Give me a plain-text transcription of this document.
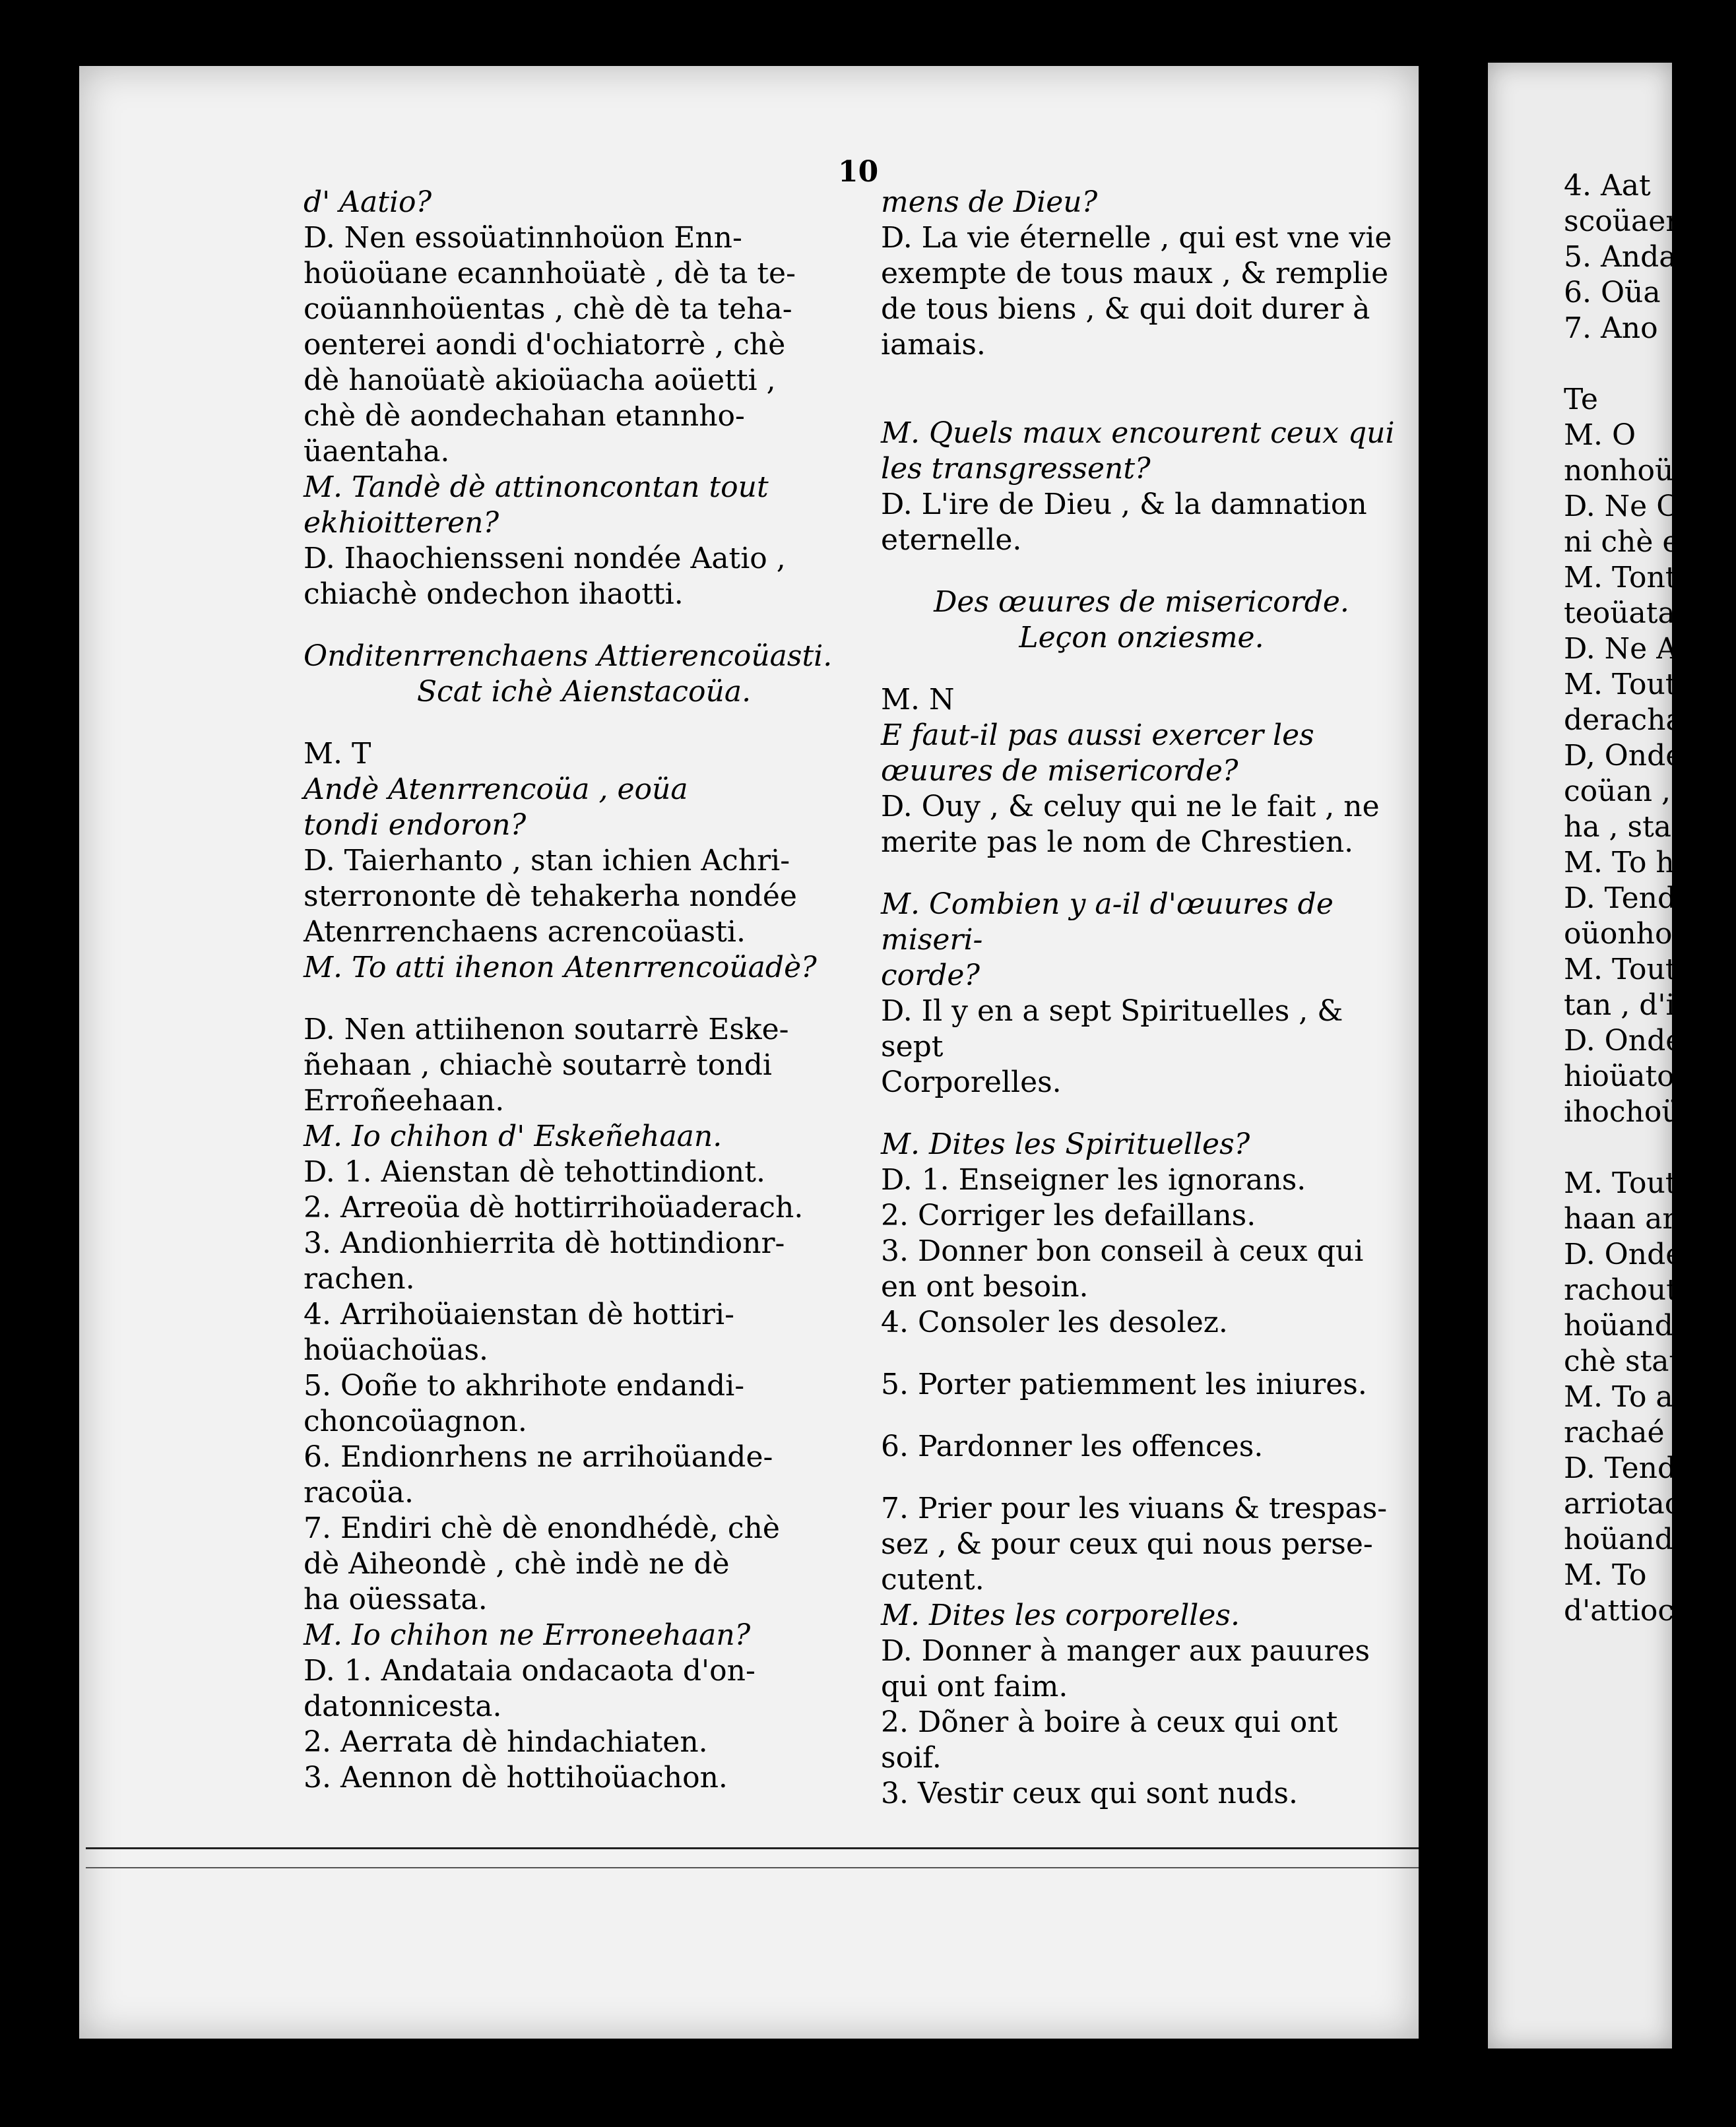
10

d' Aatio?

D. Nen essoüatinnhoüon Enn-

hoüoüane ecannhoüatè , dè ta te-

coüannhoüentas , chè dè ta teha-

oenterei aondi d'ochiatorrè , chè

dè hanoüatè akioüacha aoüetti ,

chè dè aondechahan etannho-

üaentaha.

M. Tandè dè attinoncontan tout

ekhioitteren?

D. Ihaochiensseni nondée Aatio ,

chiachè ondechon ihaotti.

Onditenrrenchaens Attierencoüasti.

Scat ichè Aienstacoüa.

M. T

Andè Atenrrencoüa , eoüa

tondi endoron?

D. Taierhanto , stan ichien Achri-

sterrononte dè tehakerha nondée

Atenrrenchaens acrencoüasti.

M. To atti ihenon Atenrrencoüadè?

D. Nen attiihenon soutarrè Eske-

ñehaan , chiachè soutarrè tondi

Erroñeehaan.

M. Io chihon d' Eskeñehaan.

D. 1. Aienstan dè tehottindiont.

2. Arreoüa dè hottirrihoüaderach.

3. Andionhierrita dè hottindionr-

rachen.

4. Arrihoüaienstan dè hottiri-

hoüachoüas.

5. Ooñe to akhrihote endandi-

choncoüagnon.

6. Endionrhens ne arrihoüande-

racoüa.

7. Endiri chè dè enondhédè, chè

dè Aiheondè , chè indè ne dè

ha oüessata.

M. Io chihon ne Erroneehaan?

D. 1. Andataia ondacaota d'on-

datonnicesta.

2. Aerrata dè hindachiaten.

3. Aennon dè hottihoüachon.

mens de Dieu?

D. La vie éternelle , qui est vne vie

exempte de tous maux , & remplie

de tous biens , & qui doit durer à

iamais.

M. Quels maux encourent ceux qui

les transgressent?

D. L'ire de Dieu , & la damnation

eternelle.

Des œuures de misericorde.

Leçon onziesme.

M. N

E faut-il pas aussi exercer les

œuures de misericorde?

D. Ouy , & celuy qui ne le fait , ne

merite pas le nom de Chrestien.

M. Combien y a-il d'œuures de miseri-

corde?

D. Il y en a sept Spirituelles , & sept

Corporelles.

M. Dites les Spirituelles?

D. 1. Enseigner les ignorans.

2. Corriger les defaillans.

3. Donner bon conseil à ceux qui

en ont besoin.

4. Consoler les desolez.

5. Porter patiemment les iniures.

6. Pardonner les offences.

7. Prier pour les viuans & trespas-

sez , & pour ceux qui nous perse-

cutent.

M. Dites les corporelles.

D. Donner à manger aux pauures

qui ont faim.

2. Dõner à boire à ceux qui ont soif.

3. Vestir ceux qui sont nuds.

4. Aat

scoüaer

5. Anda

6. Oüa

7. Ano

Te

M. O

nonhoüa

D. Ne O

ni chè e

M. Tont

teoüata?

D. Ne A

M. Tout

deracha?

D, Ondé

coüan ,

ha , stat

M. To hio

D. Tendi

oüonhoü

M. Tout

tan , d'ich

D. Ondé

hioüatonc

ihochoüa

M. Tout

haan arrih

D. Ondé

rachoutan

hoüandéra

chè stat o

M. To att

rachaé oñie

D. Tendi ,

arriotacoü

hoüande i

M. To

d'attioch?
